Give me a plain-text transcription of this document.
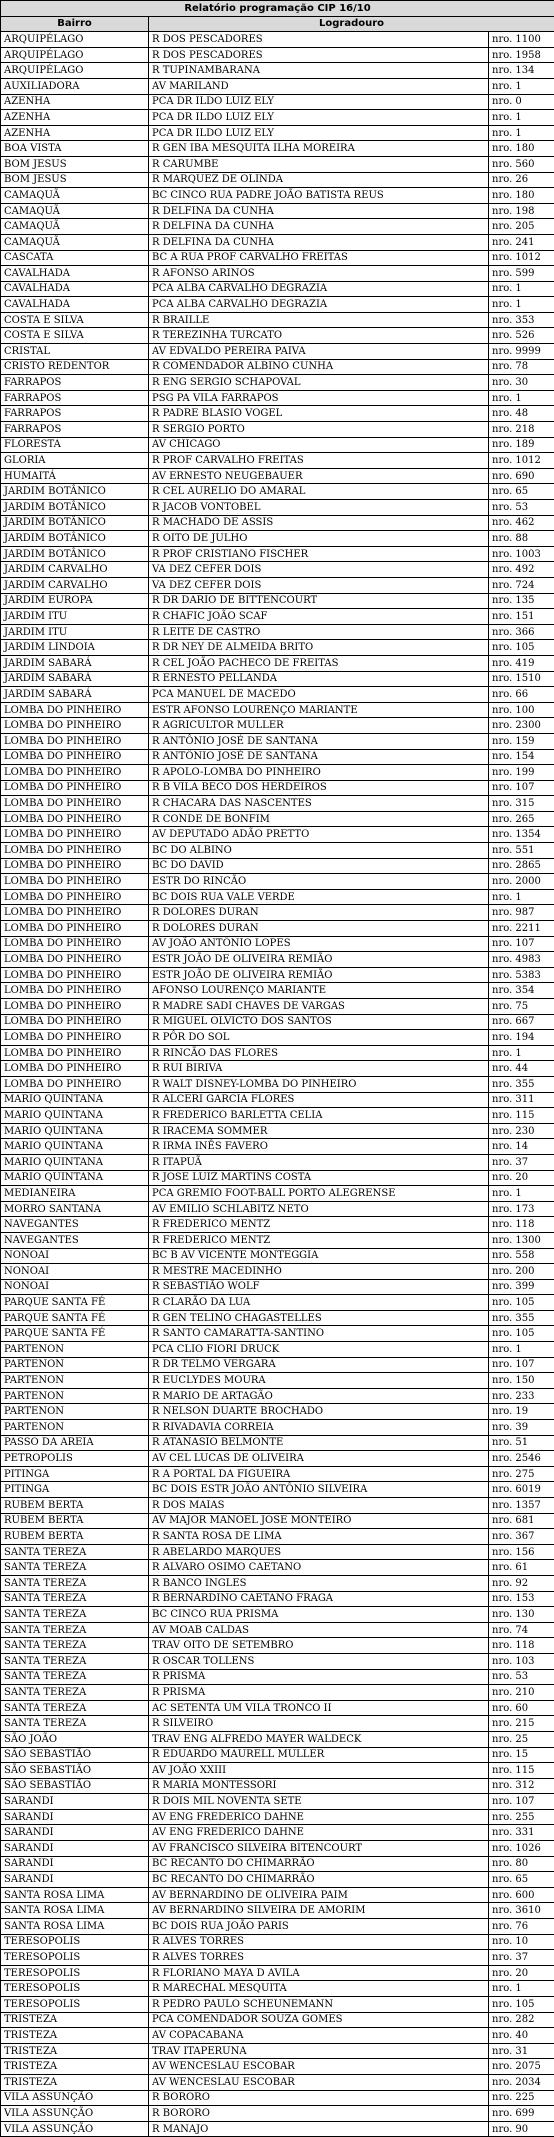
Relatório programação CIP 16/10		
Bairro	Logradouro	
ARQUIPÉLAGO	R DOS PESCADORES	nro. 1100
ARQUIPÉLAGO	R DOS PESCADORES	nro. 1958
ARQUIPÉLAGO	R TUPINAMBARANA	nro. 134
AUXILIADORA	AV MARILAND	nro. 1
AZENHA	PCA DR ILDO LUIZ ELY	nro. 0
AZENHA	PCA DR ILDO LUIZ ELY	nro. 1
AZENHA	PCA DR ILDO LUIZ ELY	nro. 1
BOA VISTA	R GEN IBA MESQUITA ILHA MOREIRA	nro. 180
BOM JESUS	R CARUMBE	nro. 560
BOM JESUS	R MARQUEZ DE OLINDA	nro. 26
CAMAQUÃ	BC CINCO RUA PADRE JOÃO BATISTA REUS	nro. 180
CAMAQUÃ	R DELFINA DA CUNHA	nro. 198
CAMAQUÃ	R DELFINA DA CUNHA	nro. 205
CAMAQUÃ	R DELFINA DA CUNHA	nro. 241
CASCATA	BC A RUA PROF CARVALHO FREITAS	nro. 1012
CAVALHADA	R AFONSO ARINOS	nro. 599
CAVALHADA	PCA ALBA CARVALHO DEGRAZIA	nro. 1
CAVALHADA	PCA ALBA CARVALHO DEGRAZIA	nro. 1
COSTA E SILVA	R BRAILLE	nro. 353
COSTA E SILVA	R TEREZINHA TURCATO	nro. 526
CRISTAL	AV EDVALDO PEREIRA PAIVA	nro. 9999
CRISTO REDENTOR	R COMENDADOR ALBINO CUNHA	nro. 78
FARRAPOS	R ENG SERGIO SCHAPOVAL	nro. 30
FARRAPOS	PSG PA VILA FARRAPOS	nro. 1
FARRAPOS	R PADRE BLASIO VOGEL	nro. 48
FARRAPOS	R SERGIO PORTO	nro. 218
FLORESTA	AV CHICAGO	nro. 189
GLORIA	R PROF CARVALHO FREITAS	nro. 1012
HUMAITÁ	AV ERNESTO NEUGEBAUER	nro. 690
JARDIM BOTÂNICO	R CEL AURELIO DO AMARAL	nro. 65
JARDIM BOTÂNICO	R JACOB VONTOBEL	nro. 53
JARDIM BOTÂNICO	R MACHADO DE ASSIS	nro. 462
JARDIM BOTÂNICO	R OITO DE JULHO	nro. 88
JARDIM BOTÂNICO	R PROF CRISTIANO FISCHER	nro. 1003
JARDIM CARVALHO	VA DEZ CEFER DOIS	nro. 492
JARDIM CARVALHO	VA DEZ CEFER DOIS	nro. 724
JARDIM EUROPA	R DR DARIO DE BITTENCOURT	nro. 135
JARDIM ITU	R CHAFIC JOÃO SCAF	nro. 151
JARDIM ITU	R LEITE DE CASTRO	nro. 366
JARDIM LINDOIA	R DR NEY DE ALMEIDA BRITO	nro. 105
JARDIM SABARÁ	R CEL JOÃO PACHECO DE FREITAS	nro. 419
JARDIM SABARÁ	R ERNESTO PELLANDA	nro. 1510
JARDIM SABARÁ	PCA MANUEL DE MACEDO	nro. 66
LOMBA DO PINHEIRO	ESTR AFONSO LOURENÇO MARIANTE	nro. 100
LOMBA DO PINHEIRO	R AGRICULTOR MULLER	nro. 2300
LOMBA DO PINHEIRO	R ANTÔNIO JOSÉ DE SANTANA	nro. 159
LOMBA DO PINHEIRO	R ANTÔNIO JOSÉ DE SANTANA	nro. 154
LOMBA DO PINHEIRO	R APOLO-LOMBA DO PINHEIRO	nro. 199
LOMBA DO PINHEIRO	R B VILA BECO DOS HERDEIROS	nro. 107
LOMBA DO PINHEIRO	R CHACARA DAS NASCENTES	nro. 315
LOMBA DO PINHEIRO	R CONDE DE BONFIM	nro. 265
LOMBA DO PINHEIRO	AV DEPUTADO ADÃO PRETTO	nro. 1354
LOMBA DO PINHEIRO	BC DO ALBINO	nro. 551
LOMBA DO PINHEIRO	BC DO DAVID	nro. 2865
LOMBA DO PINHEIRO	ESTR DO RINCÃO	nro. 2000
LOMBA DO PINHEIRO	BC DOIS RUA VALE VERDE	nro. 1
LOMBA DO PINHEIRO	R DOLORES DURAN	nro. 987
LOMBA DO PINHEIRO	R DOLORES DURAN	nro. 2211
LOMBA DO PINHEIRO	AV JOÃO ANTÔNIO LOPES	nro. 107
LOMBA DO PINHEIRO	ESTR JOÃO DE OLIVEIRA REMIÃO	nro. 4983
LOMBA DO PINHEIRO	ESTR JOÃO DE OLIVEIRA REMIÃO	nro. 5383
LOMBA DO PINHEIRO	AFONSO LOURENÇO MARIANTE	nro. 354
LOMBA DO PINHEIRO	R MADRE SADI CHAVES DE VARGAS	nro. 75
LOMBA DO PINHEIRO	R MIGUEL OLVICTO DOS SANTOS	nro. 667
LOMBA DO PINHEIRO	R PÔR DO SOL	nro. 194
LOMBA DO PINHEIRO	R RINCÃO DAS FLORES	nro. 1
LOMBA DO PINHEIRO	R RUI BIRIVA	nro. 44
LOMBA DO PINHEIRO	R WALT DISNEY-LOMBA DO PINHEIRO	nro. 355
MARIO QUINTANA	R ALCERI GARCIA FLORES	nro. 311
MARIO QUINTANA	R FREDERICO BARLETTA CELIA	nro. 115
MARIO QUINTANA	R IRACEMA SOMMER	nro. 230
MARIO QUINTANA	R IRMA INÊS FAVERO	nro. 14
MARIO QUINTANA	R ITAPUÃ	nro. 37
MARIO QUINTANA	R JOSE LUIZ MARTINS COSTA	nro. 20
MEDIANEIRA	PCA GREMIO FOOT-BALL PORTO ALEGRENSE	nro. 1
MORRO SANTANA	AV EMILIO SCHLABITZ NETO	nro. 173
NAVEGANTES	R FREDERICO MENTZ	nro. 118
NAVEGANTES	R FREDERICO MENTZ	nro. 1300
NONOAI	BC B AV VICENTE MONTEGGIA	nro. 558
NONOAI	R MESTRE MACEDINHO	nro. 200
NONOAI	R SEBASTIÃO WOLF	nro. 399
PARQUE SANTA FÉ	R CLARÃO DA LUA	nro. 105
PARQUE SANTA FÉ	R GEN TELINO CHAGASTELLES	nro. 355
PARQUE SANTA FÉ	R SANTO CAMARATTA-SANTINO	nro. 105
PARTENON	PCA CLIO FIORI DRUCK	nro. 1
PARTENON	R DR TELMO VERGARA	nro. 107
PARTENON	R EUCLYDES MOURA	nro. 150
PARTENON	R MARIO DE ARTAGÃO	nro. 233
PARTENON	R NELSON DUARTE BROCHADO	nro. 19
PARTENON	R RIVADAVIA CORREIA	nro. 39
PASSO DA AREIA	R ATANASIO BELMONTE	nro. 51
PETROPOLIS	AV CEL LUCAS DE OLIVEIRA	nro. 2546
PITINGA	R A PORTAL DA FIGUEIRA	nro. 275
PITINGA	BC DOIS ESTR JOÃO ANTÔNIO SILVEIRA	nro. 6019
RUBEM BERTA	R DOS MAIAS	nro. 1357
RUBEM BERTA	AV MAJOR MANOEL JOSE MONTEIRO	nro. 681
RUBEM BERTA	R SANTA ROSA DE LIMA	nro. 367
SANTA TEREZA	R ABELARDO MARQUES	nro. 156
SANTA TEREZA	R ALVARO OSIMO CAETANO	nro. 61
SANTA TEREZA	R BANCO INGLES	nro. 92
SANTA TEREZA	R BERNARDINO CAETANO FRAGA	nro. 153
SANTA TEREZA	BC CINCO RUA PRISMA	nro. 130
SANTA TEREZA	AV MOAB CALDAS	nro. 74
SANTA TEREZA	TRAV OITO DE SETEMBRO	nro. 118
SANTA TEREZA	R OSCAR TOLLENS	nro. 103
SANTA TEREZA	R PRISMA	nro. 53
SANTA TEREZA	R PRISMA	nro. 210
SANTA TEREZA	AC SETENTA UM VILA TRONCO II	nro. 60
SANTA TEREZA	R SILVEIRO	nro. 215
SÃO JOÃO	TRAV ENG ALFREDO MAYER WALDECK	nro. 25
SÃO SEBASTIÃO	R EDUARDO MAURELL MULLER	nro. 15
SÃO SEBASTIÃO	AV JOÃO XXIII	nro. 115
SÃO SEBASTIÃO	R MARIA MONTESSORI	nro. 312
SARANDI	R DOIS MIL NOVENTA SETE	nro. 107
SARANDI	AV ENG FREDERICO DAHNE	nro. 255
SARANDI	AV ENG FREDERICO DAHNE	nro. 331
SARANDI	AV FRANCISCO SILVEIRA BITENCOURT	nro. 1026
SARANDI	BC RECANTO DO CHIMARRÃO	nro. 80
SARANDI	BC RECANTO DO CHIMARRÃO	nro. 65
SANTA ROSA LIMA	AV BERNARDINO DE OLIVEIRA PAIM	nro. 600
SANTA ROSA LIMA	AV BERNARDINO SILVEIRA DE AMORIM	nro. 3610
SANTA ROSA LIMA	BC DOIS RUA JOÃO PARIS	nro. 76
TERESOPOLIS	R ALVES TORRES	nro. 10
TERESOPOLIS	R ALVES TORRES	nro. 37
TERESOPOLIS	R FLORIANO MAYA D AVILA	nro. 20
TERESOPOLIS	R MARECHAL MESQUITA	nro. 1
TERESOPOLIS	R PEDRO PAULO SCHEUNEMANN	nro. 105
TRISTEZA	PCA COMENDADOR SOUZA GOMES	nro. 282
TRISTEZA	AV COPACABANA	nro. 40
TRISTEZA	TRAV ITAPERUNA	nro. 31
TRISTEZA	AV WENCESLAU ESCOBAR	nro. 2075
TRISTEZA	AV WENCESLAU ESCOBAR	nro. 2034
VILA ASSUNÇÃO	R BORORO	nro. 225
VILA ASSUNÇÃO	R BORORO	nro. 699
VILA ASSUNÇÃO	R MANAJO	nro. 90
